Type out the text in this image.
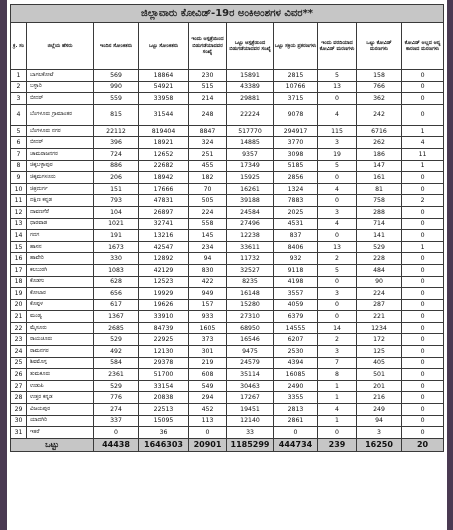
ಜಿಲ್ಲಾವಾರು ಕೋವಿಡ್-19ರ ಅಂಕಿಅಂಶಗಳ ವಿವರ**									
ಕ್ರ. ಸಂ	ಜಿಲ್ಲೆಯ ಹೆಸರು	ಇಂದಿನ ಸೋಂಕಿತರು	ಒಟ್ಟು ಸೋಂಕಿತರು	ಇಂದು ಆಸ್ಪತ್ರೆಯಿಂದ ಬಿಡುಗಡೆಯಾದವರ ಸಂಖ್ಯೆ	ಒಟ್ಟು ಆಸ್ಪತ್ರೆಯಿಂದ ಬಿಡುಗಡೆಯಾದವರ ಸಂಖ್ಯೆ	ಒಟ್ಟು ಸಕ್ರಿಯ ಪ್ರಕರಣಗಳು	ಇಂದು ವರದಿಯಾದ ಕೋವಿಡ್ ಮರಣಗಳು	ಒಟ್ಟು ಕೋವಿಡ್ ಮರಣಗಳು	ಕೋವಿಡ್ ಅಲ್ಲದ ಅನ್ಯ ಕಾರಣದ ಮರಣಗಳು
1	ಬಾಗಲಕೋಟೆ	569	18864	230	15891	2815	5	158	0
2	ಬಳ್ಳಾರಿ	990	54921	515	43389	10766	13	766	0
3	ಬೀದರ್	559	33958	214	29881	3715	0	362	0
4	ಬೆಂಗಳೂರು ಗ್ರಾಮಾಂತರ	815	31544	248	22224	9078	4	242	0
5	ಬೆಂಗಳೂರು ನಗರ	22112	819404	8847	517770	294917	115	6716	1
6	ಬೀದರ್	396	18921	324	14885	3770	3	262	4
7	ಚಾಮರಾಜನಗರ	724	12652	251	9357	3098	19	186	11
8	ಚಿಕ್ಕಬಳ್ಳಾಪುರ	886	22682	455	17349	5185	5	147	1
9	ಚಿಕ್ಕಮಗಳೂರು	206	18942	182	15925	2856	0	161	0
10	ಚಿತ್ರದುರ್ಗ	151	17666	70	16261	1324	4	81	0
11	ದಕ್ಷಿಣ ಕನ್ನಡ	793	47831	505	39188	7883	0	758	2
12	ದಾವಣಗೆರೆ	104	26897	224	24584	2025	3	288	0
13	ಧಾರವಾಡ	1021	32741	558	27496	4531	4	714	0
14	ಗದಗ	191	13216	145	12238	837	0	141	0
15	ಹಾಸನ	1673	42547	234	33611	8406	13	529	1
16	ಹಾವೇರಿ	330	12892	94	11732	932	2	228	0
17	ಕಲಬುರಗಿ	1083	42129	830	32527	9118	5	484	0
18	ಕೊಡಗು	628	12523	422	8235	4198	0	90	0
19	ಕೋಲಾರ	656	19929	949	16148	3557	3	224	0
20	ಕೊಪ್ಪಳ	617	19626	157	15280	4059	0	287	0
21	ಮಂಡ್ಯ	1367	33910	933	27310	6379	0	221	0
22	ಮೈಸೂರು	2685	84739	1605	68950	14555	14	1234	0
23	ರಾಯಚೂರು	529	22925	373	16546	6207	2	172	0
24	ರಾಮನಗರ	492	12130	301	9475	2530	3	125	0
25	ಶಿವಮೊಗ್ಗ	584	29378	219	24579	4394	7	405	0
26	ತುಮಕೂರು	2361	51700	608	35114	16085	8	501	0
27	ಉಡುಪಿ	529	33154	549	30463	2490	1	201	0
28	ಉತ್ತರ ಕನ್ನಡ	776	20838	294	17267	3355	1	216	0
29	ವಿಜಯಪುರ	274	22513	452	19451	2813	4	249	0
30	ಯಾದಗಿರಿ	337	15095	113	12140	2861	1	94	0
31	ಇತರೆ	0	36	0	33	0	0	3	0
ಒಟ್ಟು		44438	1646303	20901	1185299	444734	239	16250	20
